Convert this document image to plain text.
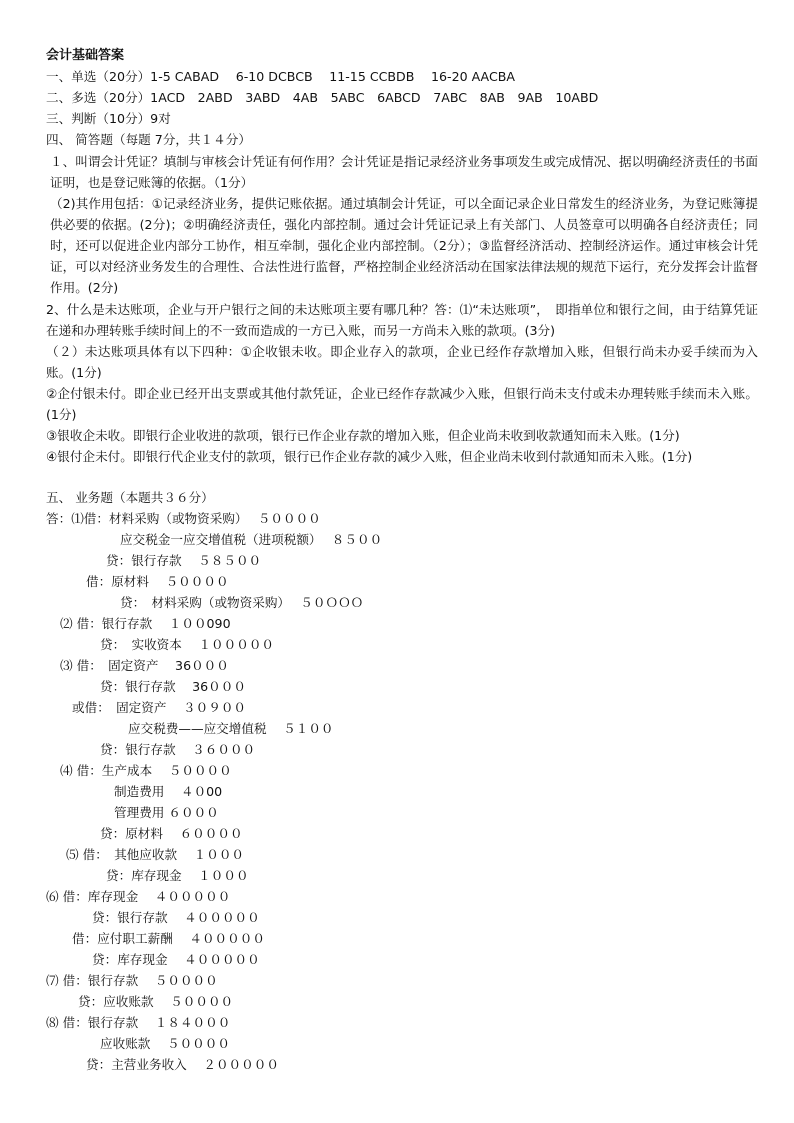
会计基础答案
一、单选（20分）1-5 CABAD　 6-10 DCBCB　 11-15 CCBDB　 16-20 AACBA
二、多选（20分）1ACD　2ABD　3ABD　4AB　5ABC　6ABCD　7ABC　8AB　9AB　10ABD
三、判断（10分）9对
四、 简答题（每题 7分，共１４分）
１、叫谓会计凭证？填制与审核会计凭证有何作用？会计凭证是指记录经济业务事项发生或完成情况、据以明确经济责任的书面证明，也是登记账簿的依据。（1分）
（2)其作用包括：①记录经济业务，提供记账依据。通过填制会计凭证，可以全面记录企业日常发生的经济业务，为登记账簿提供必要的依据。(2分)；②明确经济责任，强化内部控制。通过会计凭证记录上有关部门、人员签章可以明确各自经济责任；同时，还可以促进企业内部分工协作，相互牵制，强化企业内部控制。（2分）；③监督经济活动、控制经济运作。通过审核会计凭证，可以对经济业务发生的合理性、合法性进行监督，严格控制企业经济活动在国家法律法规的规范下运行，充分发挥会计监督作用。(2分)
2、什么是未达账项，企业与开户银行之间的未达账项主要有哪几种？答：⑴“未达账项”，　即指单位和银行之间，由于结算凭证在递和办理转账手续时间上的不一致而造成的一方已入账，而另一方尚未入账的款项。(3分)
（２）未达账项具体有以下四种：①企收银未收。即企业存入的款项，企业已经作存款增加入账，但银行尚未办妥手续而为入账。(1分)
②企付银未付。即企业已经开出支票或其他付款凭证，企业已经作存款减少入账，但银行尚未支付或未办理转账手续而未入账。(1分)
③银收企未收。即银行企业收进的款项，银行已作企业存款的增加入账，但企业尚未收到收款通知而未入账。(1分)
④银付企未付。即银行代企业支付的款项，银行已作企业存款的减少入账，但企业尚未收到付款通知而未入账。(1分)
五、 业务题（本题共３６分）
答：⑴借：材料采购（或物资采购）　 ５００００
应交税金一应交增值税（进项税额）　 ８５００
贷：银行存款　 ５８５００
借：原材料　 ５００００
贷：　材料采购（或物资采购）　 ５０ＯＯＯ
⑵ 借：银行存款　 １００090
贷：　实收资本　 １０００００
⑶ 借：　固定资产　 36０００
贷：银行存款　 36０００
或借：　固定资产　 ３０９００
应交税费——应交增值税　 ５１００
贷：银行存款　 ３６０００
⑷ 借：生产成本　 ５００００
制造费用　 ４０00
管理费用 ６０００
贷：原材料　 ６００００
⑸ 借：　其他应收款　 １０００
贷：库存现金　 １０００
⑹ 借：库存现金　 ４０００００
贷：银行存款　 ４０００００
借：应付职工薪酬　 ４０００００
贷：库存现金　 ４０００００
⑺ 借：银行存款　 ５００００
贷：应收账款　 ５００００
⑻ 借：银行存款　 １８４０００
应收账款　 ５００００
贷：主营业务收入　 ２０００００
